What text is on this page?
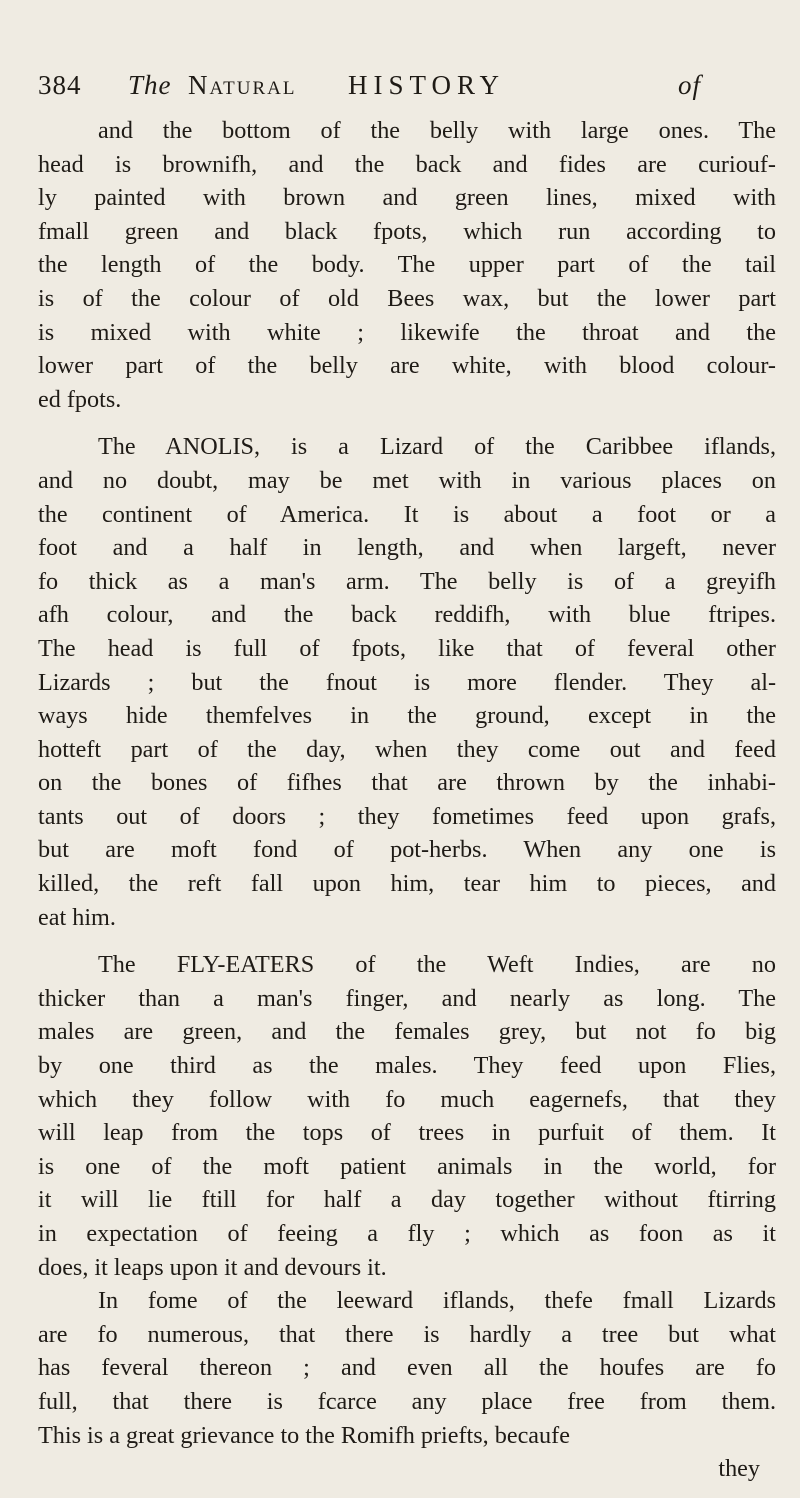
384 The Natural HISTORY	of
and the bottom of the belly with large ones. The
head is brownifh, and the back and fides are curiouf-
ly painted with brown and green lines, mixed with
fmall green and black fpots, which run according to
the length of the body. The upper part of the tail
is of the colour of old Bees wax, but the lower part
is mixed with white ; likewife the throat and the
lower part of the belly are white, with blood colour-
ed fpots.
The ANOLIS, is a Lizard of the Caribbee iflands,
and no doubt, may be met with in various places on
the continent of America. It is about a foot or a
foot and a half in length, and when largeft, never
fo thick as a man's arm. The belly is of a greyifh
afh colour, and the back reddifh, with blue ftripes.
The head is full of fpots, like that of feveral other
Lizards ; but the fnout is more flender. They al-
ways hide themfelves in the ground, except in the
hotteft part of the day, when they come out and feed
on the bones of fifhes that are thrown by the inhabi-
tants out of doors ; they fometimes feed upon grafs,
but are moft fond of pot-herbs. When any one is
killed, the reft fall upon him, tear him to pieces, and
eat him.
The FLY-EATERS of the Weft Indies, are no
thicker than a man's finger, and nearly as long. The
males are green, and the females grey, but not fo big
by one third as the males. They feed upon Flies,
which they follow with fo much eagernefs, that they
will leap from the tops of trees in purfuit of them. It
is one of the moft patient animals in the world, for
it will lie ftill for half a day together without ftirring
in expectation of feeing a fly ; which as foon as it
does, it leaps upon it and devours it.
In fome of the leeward iflands, thefe fmall Lizards
are fo numerous, that there is hardly a tree but what
has feveral thereon ; and even all the houfes are fo
full, that there is fcarce any place free from them.
This is a great grievance to the Romifh priefts, becaufe
they
